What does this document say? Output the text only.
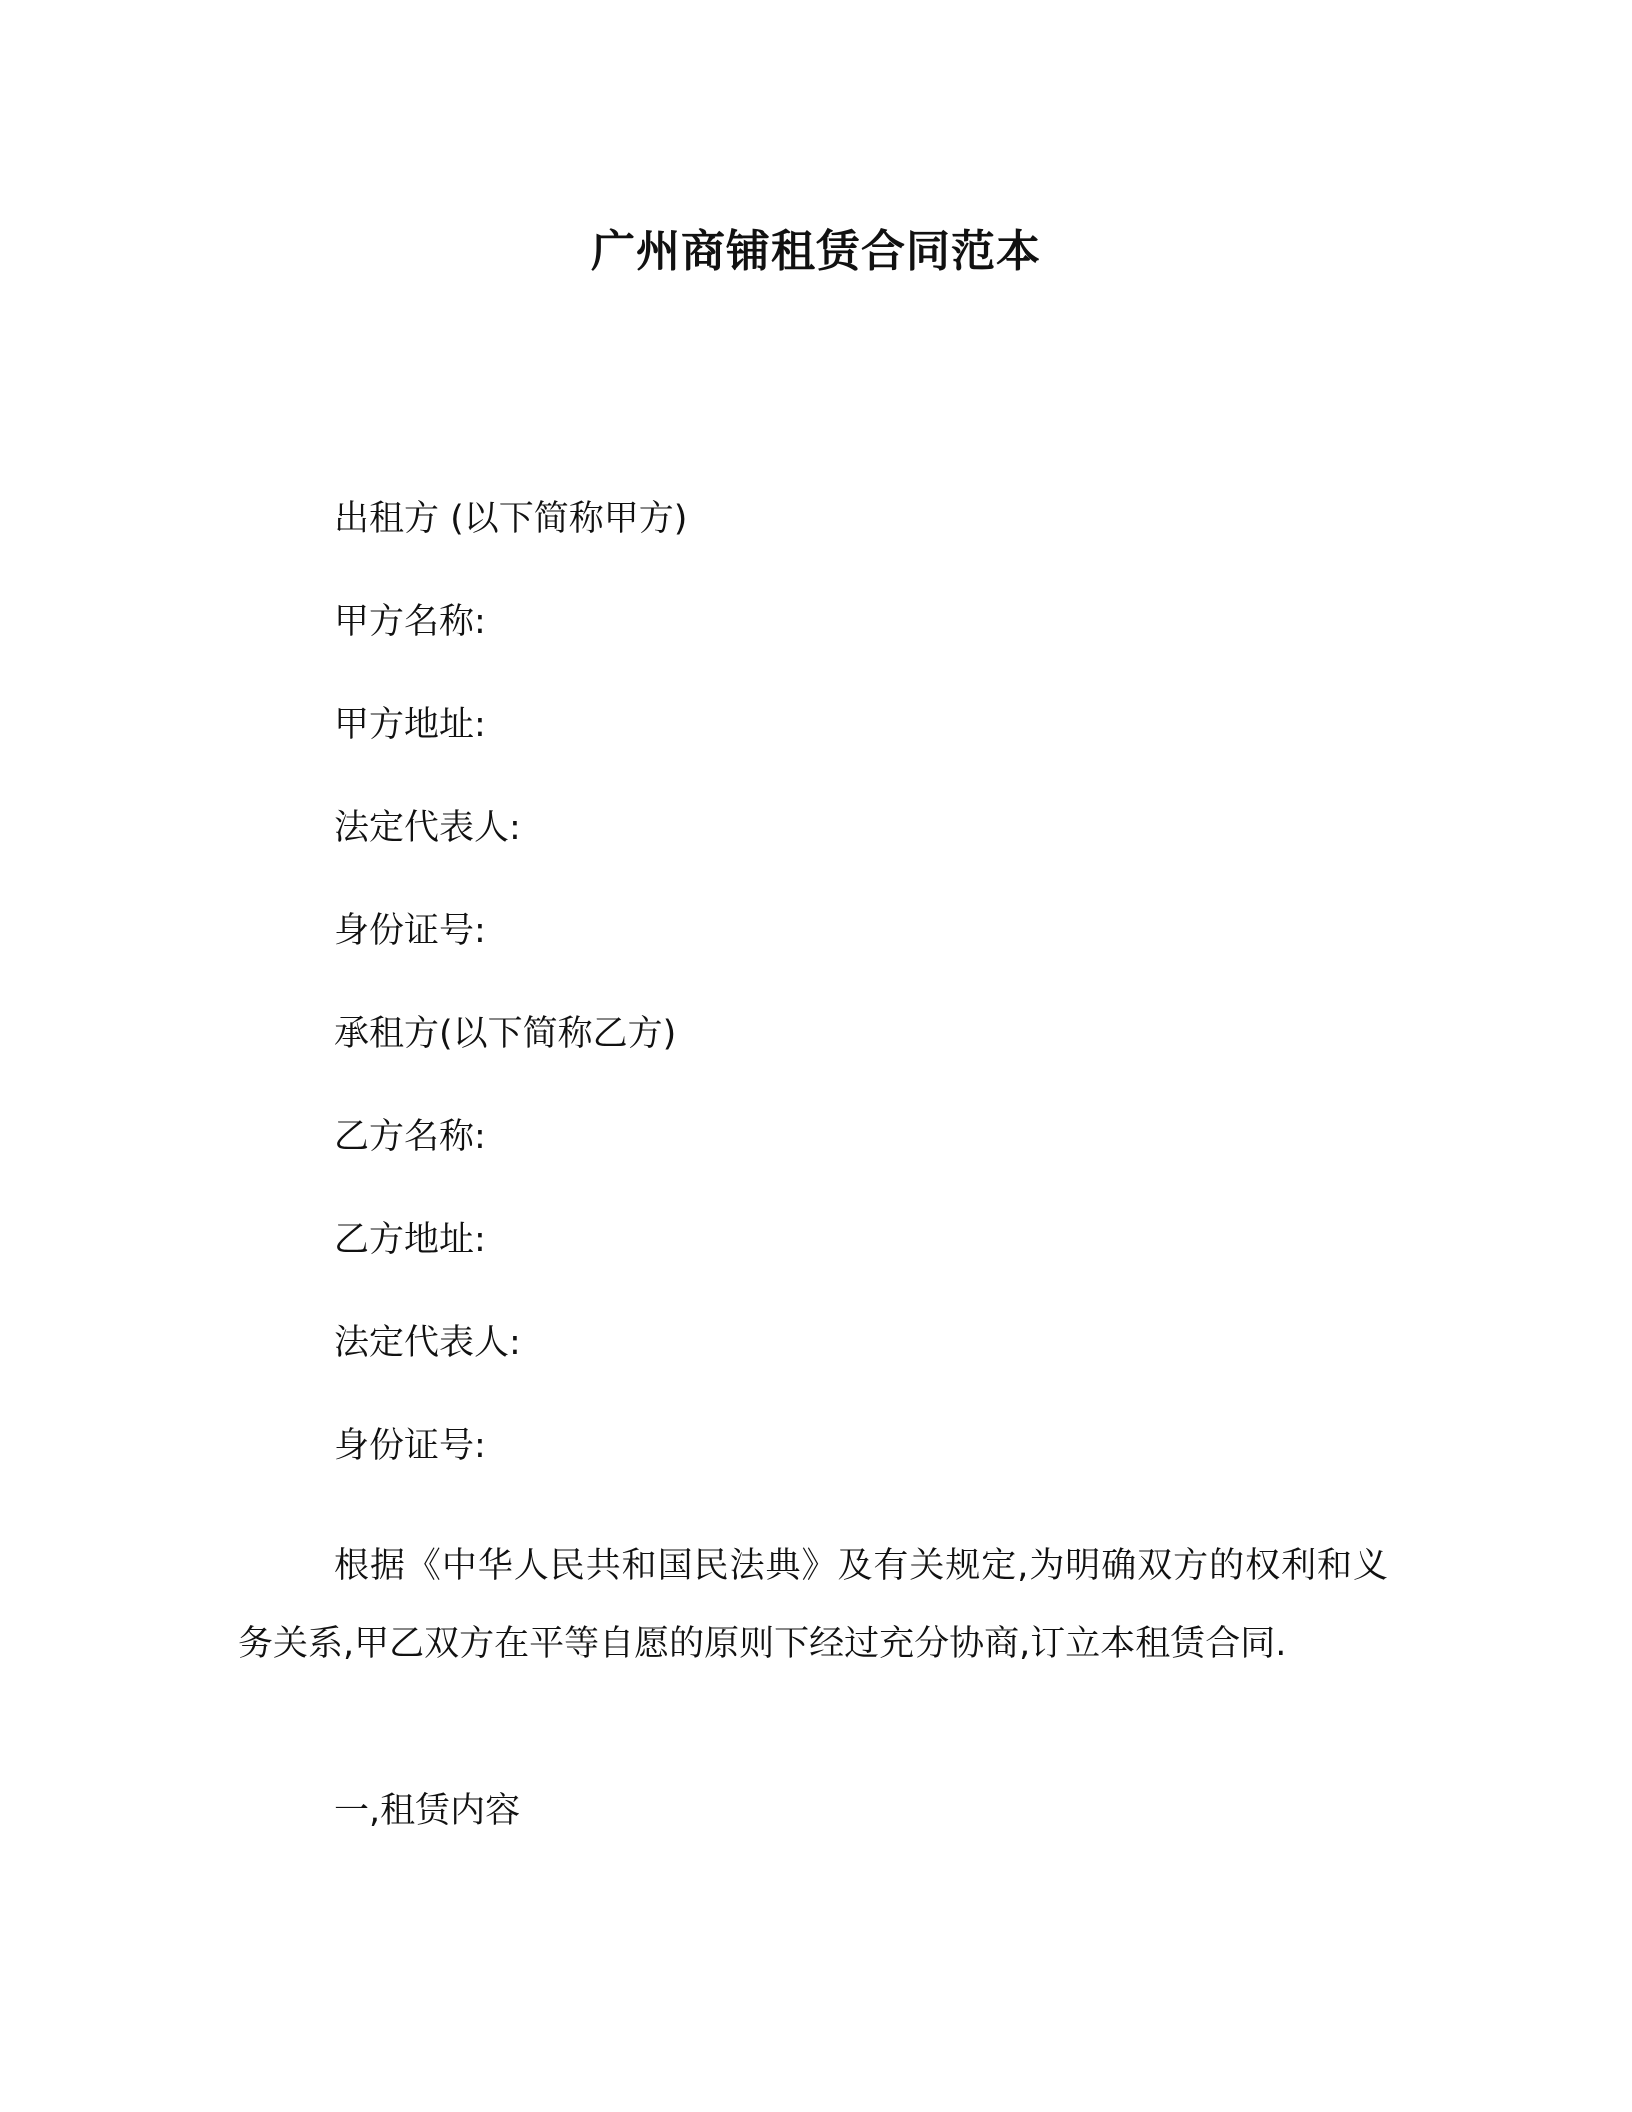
广州商铺租赁合同范本
出租方 (以下简称甲方)
甲方名称:
甲方地址:
法定代表人:
身份证号:
承租方(以下简称乙方)
乙方名称:
乙方地址:
法定代表人:
身份证号:
根据《中华人民共和国民法典》及有关规定,为明确双方的权利和义务关系,甲乙双方在平等自愿的原则下经过充分协商,订立本租赁合同.
一,租赁内容
